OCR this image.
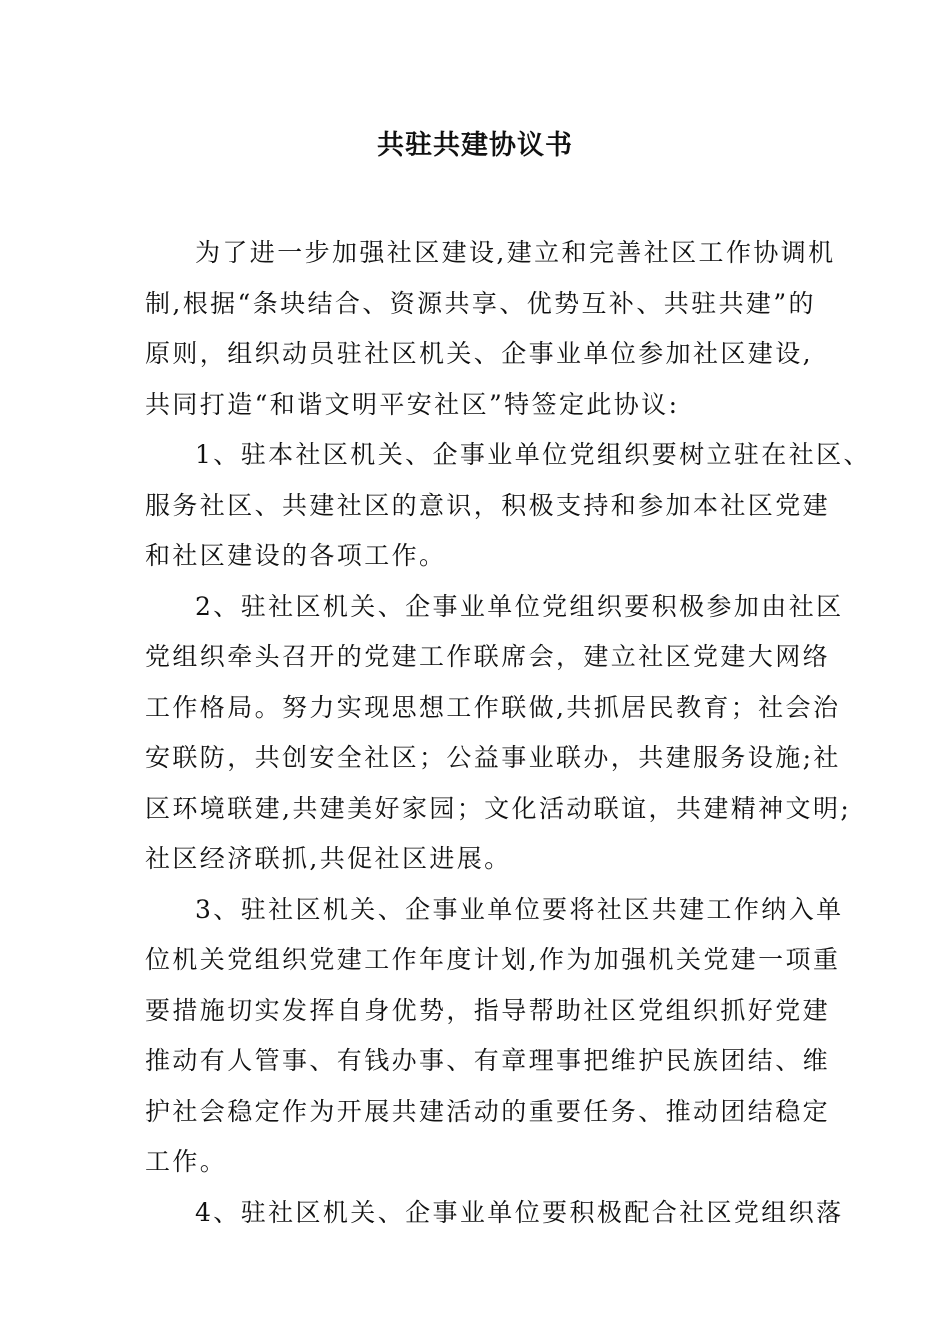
共驻共建协议书
为了进一步加强社区建设,建立和完善社区工作协调机
制,根据“条块结合、资源共享、优势互补、共驻共建”的
原则，组织动员驻社区机关、企事业单位参加社区建设,
共同打造“和谐文明平安社区”特签定此协议:
1、驻本社区机关、企事业单位党组织要树立驻在社区、
服务社区、共建社区的意识，积极支持和参加本社区党建
和社区建设的各项工作。
2、驻社区机关、企事业单位党组织要积极参加由社区
党组织牵头召开的党建工作联席会，建立社区党建大网络
工作格局。努力实现思想工作联做,共抓居民教育；社会治
安联防，共创安全社区；公益事业联办，共建服务设施;社
区环境联建,共建美好家园；文化活动联谊，共建精神文明;
社区经济联抓,共促社区进展。
3、驻社区机关、企事业单位要将社区共建工作纳入单
位机关党组织党建工作年度计划,作为加强机关党建一项重
要措施切实发挥自身优势，指导帮助社区党组织抓好党建
推动有人管事、有钱办事、有章理事把维护民族团结、维
护社会稳定作为开展共建活动的重要任务、推动团结稳定
工作。
4、驻社区机关、企事业单位要积极配合社区党组织落
